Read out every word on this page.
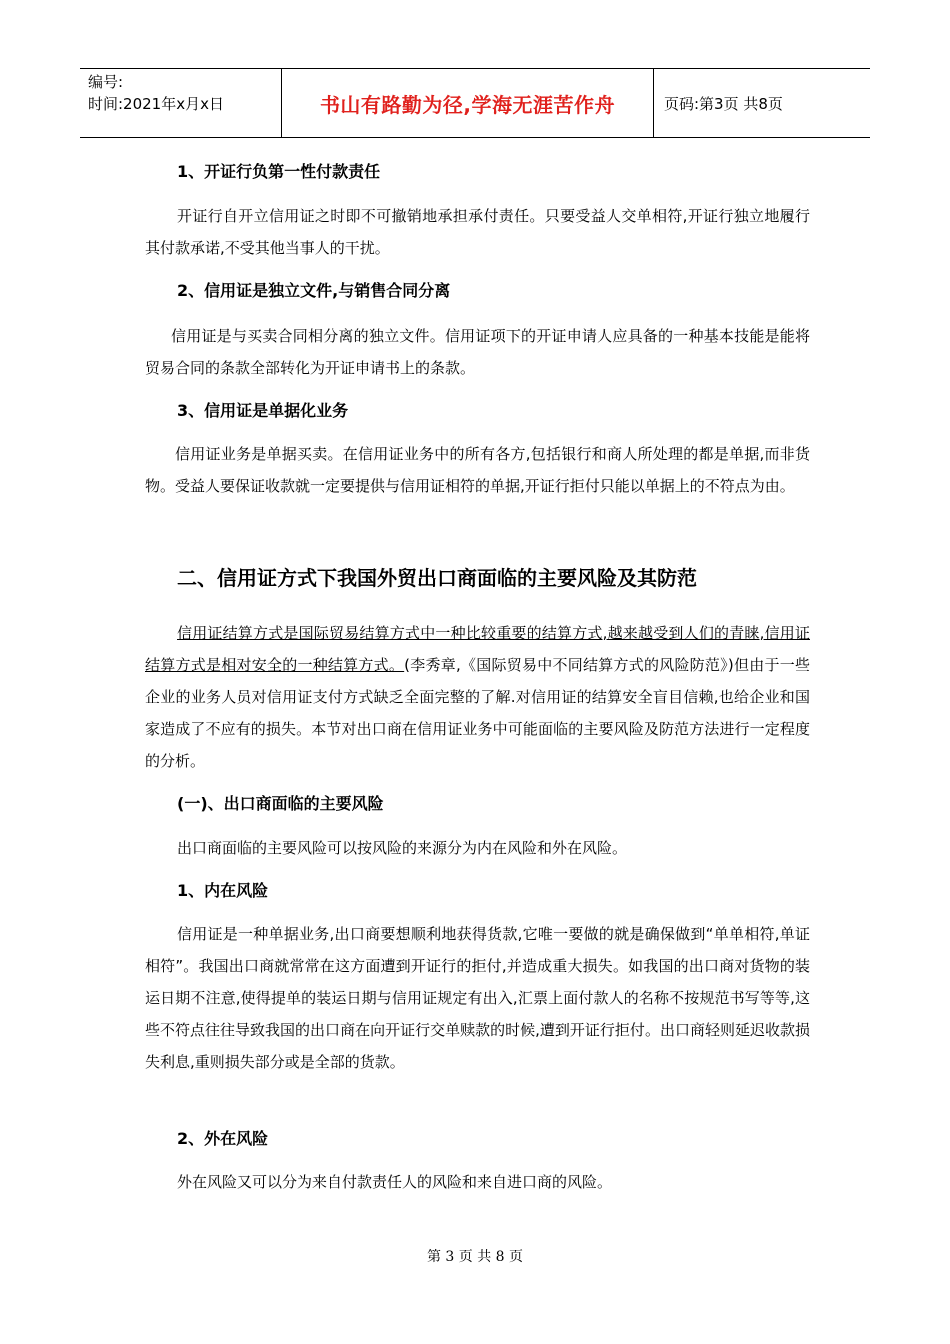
编号:
时间:2021年x月x日	书山有路勤为径,学海无涯苦作舟	页码:第3页 共8页
1、开证行负第一性付款责任
开证行自开立信用证之时即不可撤销地承担承付责任。只要受益人交单相符,开证行独立地履行其付款承诺,不受其他当事人的干扰。
2、信用证是独立文件,与销售合同分离
信用证是与买卖合同相分离的独立文件。信用证项下的开证申请人应具备的一种基本技能是能将贸易合同的条款全部转化为开证申请书上的条款。
3、信用证是单据化业务
信用证业务是单据买卖。在信用证业务中的所有各方,包括银行和商人所处理的都是单据,而非货物。受益人要保证收款就一定要提供与信用证相符的单据,开证行拒付只能以单据上的不符点为由。
二、信用证方式下我国外贸出口商面临的主要风险及其防范
信用证结算方式是国际贸易结算方式中一种比较重要的结算方式,越来越受到人们的青睐,信用证结算方式是相对安全的一种结算方式。(李秀章,《国际贸易中不同结算方式的风险防范》)但由于一些企业的业务人员对信用证支付方式缺乏全面完整的了解.对信用证的结算安全盲目信赖,也给企业和国家造成了不应有的损失。本节对出口商在信用证业务中可能面临的主要风险及防范方法进行一定程度的分析。
(一)、出口商面临的主要风险
出口商面临的主要风险可以按风险的来源分为内在风险和外在风险。
1、内在风险
信用证是一种单据业务,出口商要想顺利地获得货款,它唯一要做的就是确保做到“单单相符,单证相符”。我国出口商就常常在这方面遭到开证行的拒付,并造成重大损失。如我国的出口商对货物的装运日期不注意,使得提单的装运日期与信用证规定有出入,汇票上面付款人的名称不按规范书写等等,这些不符点往往导致我国的出口商在向开证行交单赎款的时候,遭到开证行拒付。出口商轻则延迟收款损失利息,重则损失部分或是全部的货款。
2、外在风险
外在风险又可以分为来自付款责任人的风险和来自进口商的风险。
第 3 页 共 8 页
